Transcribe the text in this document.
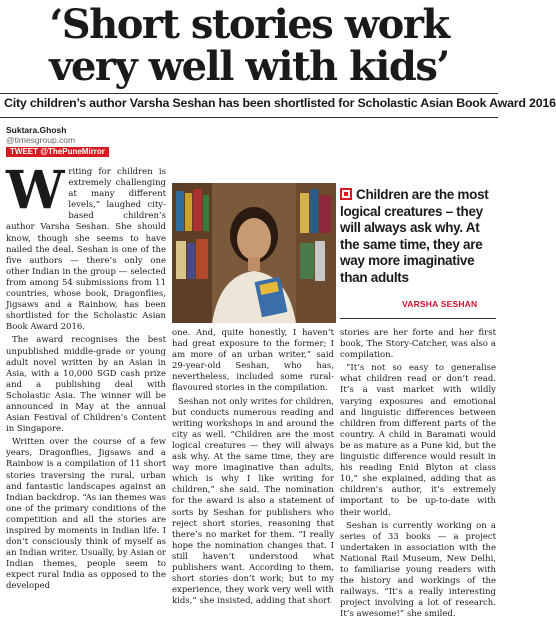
‘Short stories work
very well with kids’

City children’s author Varsha Seshan has been shortlisted for Scholastic Asian Book Award 2016

Suktara.Ghosh
@timesgroup.com
TWEET @ThePuneMirror

Writing for children is extremely challenging at many different levels,” laughed city-based children’s author Varsha Seshan. She should know, though she seems to have nailed the deal. Seshan is one of the five authors — there’s only one other Indian in the group — selected from among 54 submissions from 11 countries, whose book, Dragonflies, Jigsaws and a Rainbow, has been shortlisted for the Scholastic Asian Book Award 2016.

The award recognises the best unpublished middle-grade or young adult novel written by an Asian in Asia, with a 10,000 SGD cash prize and a publishing deal with Scholastic Asia. The winner will be announced in May at the annual Asian Festival of Children’s Content in Singapore.

Written over the course of a few years, Dragonflies, Jigsaws and a Rainbow is a compilation of 11 short stories traversing the rural, urban and fantastic landscapes against an Indian backdrop. “As ian themes was one of the primary conditions of the competition and all the stories are inspired by moments in Indian life. I don’t consciously think of myself as an Indian writer. Usually, by Asian or Indian themes, people seem to expect rural India as opposed to the developed

one. And, quite honestly, I haven’t had great exposure to the former; I am more of an urban writer,” said 29-year-old Seshan, who has, nevertheless, included some rural-flavoured stories in the compilation.

Seshan not only writes for children, but conducts numerous reading and writing workshops in and around the city as well. “Children are the most logical creatures — they will always ask why. At the same time, they are way more imaginative than adults, which is why I like writing for children,” she said. The nomination for the award is also a statement of sorts by Seshan for publishers who reject short stories, reasoning that there’s no market for them. “I really hope the nomination changes that. I still haven’t understood what publishers want. According to them, short stories don’t work; but to my experience, they work very well with kids,” she insisted, adding that short

Children are the most logical creatures – they will always ask why. At the same time, they are way more imaginative than adults

VARSHA SESHAN

stories are her forte and her first book, The Story-Catcher, was also a compilation.

“It’s not so easy to generalise what children read or don’t read. It’s a vast market with wildly varying exposures and emotional and linguistic differences between children from different parts of the country. A child in Baramati would be as mature as a Pune kid, but the linguistic difference would result in his reading Enid Blyton at class 10,” she explained, adding that as children’s author, it’s extremely important to be up-to-date with their world.

Seshan is currently working on a series of 33 books — a project undertaken in association with the National Rail Museum, New Delhi, to familiarise young readers with the history and workings of the railways. “It’s a really interesting project involving a lot of research. It’s awesome!” she smiled.
